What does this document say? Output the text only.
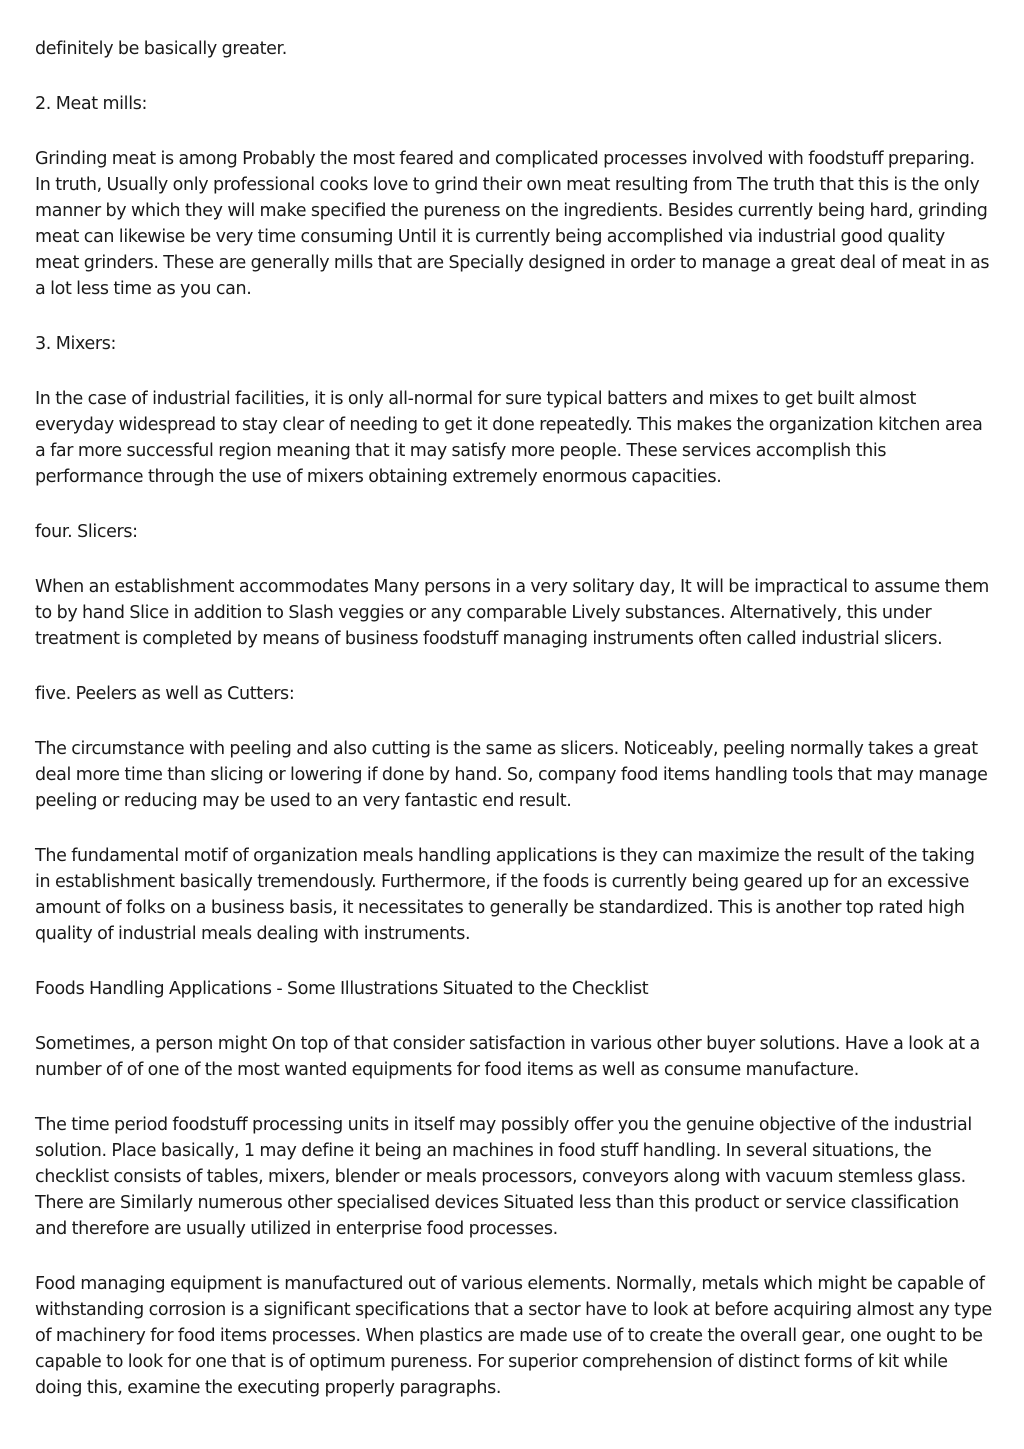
definitely be basically greater.

2. Meat mills:

Grinding meat is among Probably the most feared and complicated processes involved with foodstuff preparing. In truth, Usually only professional cooks love to grind their own meat resulting from The truth that this is the only manner by which they will make specified the pureness on the ingredients. Besides currently being hard, grinding meat can likewise be very time consuming Until it is currently being accomplished via industrial good quality meat grinders. These are generally mills that are Specially designed in order to manage a great deal of meat in as a lot less time as you can.

3. Mixers:

In the case of industrial facilities, it is only all-normal for sure typical batters and mixes to get built almost everyday widespread to stay clear of needing to get it done repeatedly. This makes the organization kitchen area a far more successful region meaning that it may satisfy more people. These services accomplish this performance through the use of mixers obtaining extremely enormous capacities.

four. Slicers:

When an establishment accommodates Many persons in a very solitary day, It will be impractical to assume them to by hand Slice in addition to Slash veggies or any comparable Lively substances. Alternatively, this under treatment is completed by means of business foodstuff managing instruments often called industrial slicers.

five. Peelers as well as Cutters:

The circumstance with peeling and also cutting is the same as slicers. Noticeably, peeling normally takes a great deal more time than slicing or lowering if done by hand. So, company food items handling tools that may manage peeling or reducing may be used to an very fantastic end result.

The fundamental motif of organization meals handling applications is they can maximize the result of the taking in establishment basically tremendously. Furthermore, if the foods is currently being geared up for an excessive amount of folks on a business basis, it necessitates to generally be standardized. This is another top rated high quality of industrial meals dealing with instruments.

Foods Handling Applications - Some Illustrations Situated to the Checklist

Sometimes, a person might On top of that consider satisfaction in various other buyer solutions. Have a look at a number of of one of the most wanted equipments for food items as well as consume manufacture.

The time period foodstuff processing units in itself may possibly offer you the genuine objective of the industrial solution. Place basically, 1 may define it being an machines in food stuff handling. In several situations, the checklist consists of tables, mixers, blender or meals processors, conveyors along with vacuum stemless glass. There are Similarly numerous other specialised devices Situated less than this product or service classification and therefore are usually utilized in enterprise food processes.

Food managing equipment is manufactured out of various elements. Normally, metals which might be capable of withstanding corrosion is a significant specifications that a sector have to look at before acquiring almost any type of machinery for food items processes. When plastics are made use of to create the overall gear, one ought to be capable to look for one that is of optimum pureness. For superior comprehension of distinct forms of kit while doing this, examine the executing properly paragraphs.
